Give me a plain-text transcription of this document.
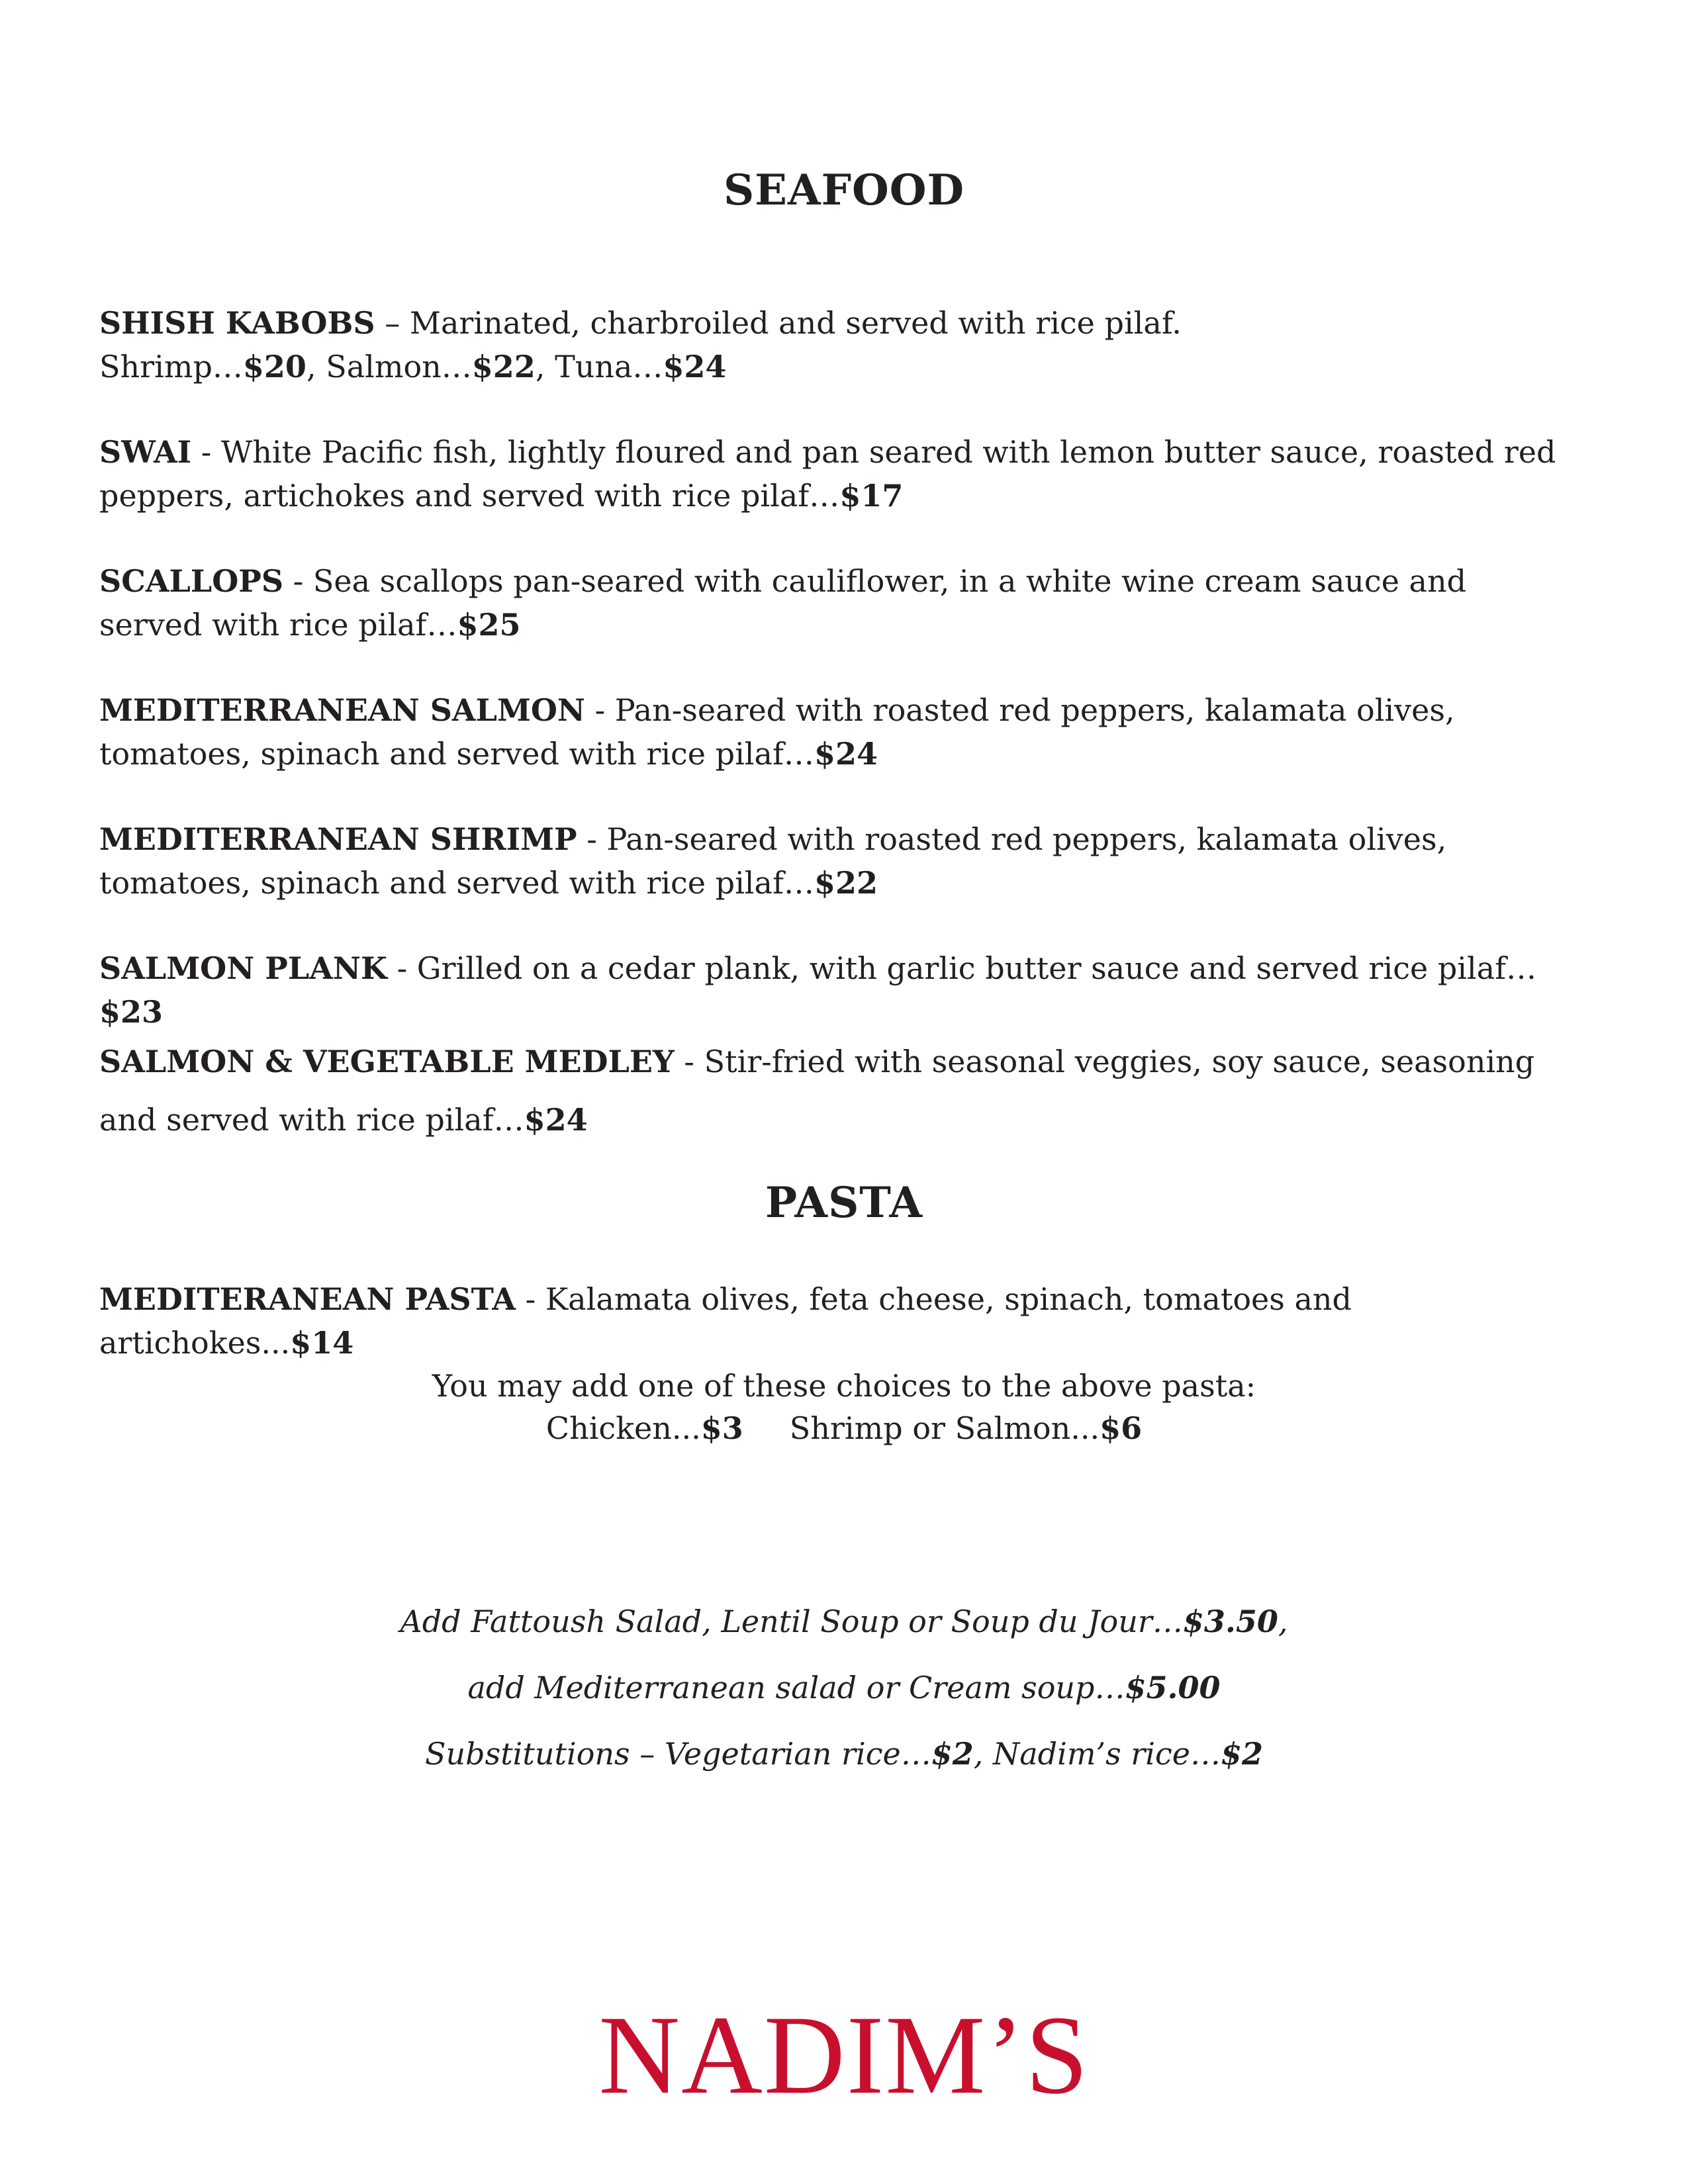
SEAFOOD
SHISH KABOBS – Marinated, charbroiled and served with rice pilaf.
Shrimp…$20, Salmon…$22, Tuna…$24
SWAI - White Pacific fish, lightly floured and pan seared with lemon butter sauce, roasted red peppers, artichokes and served with rice pilaf…$17
SCALLOPS - Sea scallops pan-seared with cauliflower, in a white wine cream sauce and served with rice pilaf…$25
MEDITERRANEAN SALMON - Pan-seared with roasted red peppers, kalamata olives, tomatoes, spinach and served with rice pilaf…$24
MEDITERRANEAN SHRIMP - Pan-seared with roasted red peppers, kalamata olives, tomatoes, spinach and served with rice pilaf…$22
SALMON PLANK - Grilled on a cedar plank, with garlic butter sauce and served rice pilaf…$23
SALMON & VEGETABLE MEDLEY - Stir-fried with seasonal veggies, soy sauce, seasoning and served with rice pilaf…$24
PASTA
MEDITERANEAN PASTA - Kalamata olives, feta cheese, spinach, tomatoes and artichokes...$14
You may add one of these choices to the above pasta:
Chicken...$3 Shrimp or Salmon...$6
Add Fattoush Salad, Lentil Soup or Soup du Jour…$3.50,
add Mediterranean salad or Cream soup…$5.00
Substitutions – Vegetarian rice…$2, Nadim’s rice…$2
NADIM’S
